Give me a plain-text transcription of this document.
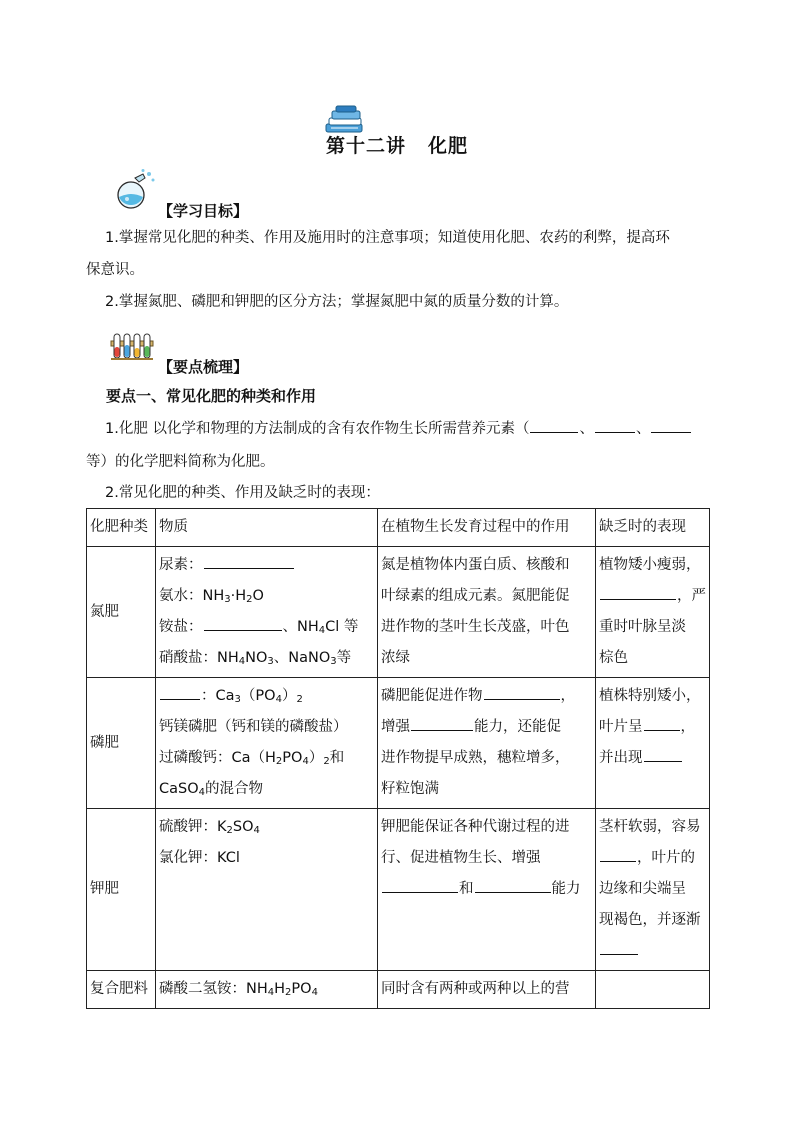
第十二讲 化肥
【学习目标】
1.掌握常见化肥的种类、作用及施用时的注意事项；知道使用化肥、农药的利弊，提高环
保意识。
2.掌握氮肥、磷肥和钾肥的区分方法；掌握氮肥中氮的质量分数的计算。
【要点梳理】
要点一、常见化肥的种类和作用
1.化肥 以化学和物理的方法制成的含有农作物生长所需营养元素（	、	、
等）的化学肥料简称为化肥。
2.常见化肥的种类、作用及缺乏时的表现：
化肥种类	物质	在植物生长发育过程中的作用	缺乏时的表现
氮肥	尿素：
氨水：$NH_3\cdot H_2O$
铵盐： 、$NH_4Cl$ 等
硝酸盐：$NH_4NO_3$、NaNO$_3$等	氮是植物体内蛋白质、核酸和
叶绿素的组成元素。氮肥能促
进作物的茎叶生长茂盛，叶色
浓绿	植物矮小瘦弱，
，严
重时叶脉呈淡
棕色

磷肥	：$Ca_3(PO_4)_2$
钙镁磷肥（钙和镁的磷酸盐）
过磷酸钙：$Ca(H_2PO_4)_2$和
CaSO$_4$的混合物	磷肥能促进作物 ，
增强 能力，还能促
进作物提早成熟，穗粒增多，
籽粒饱满	植株特别矮小，
叶片呈 ，
并出现

钾肥	硫酸钾：$K_2SO_4$
氯化钾：KCl	钾肥能保证各种代谢过程的进
行、促进植物生长、增强
和 能力	茎杆软弱，容易
，叶片的
边缘和尖端呈
现褐色，并逐渐

复合肥料	磷酸二氢铵：$NH_4H_2PO_4$	同时含有两种或两种以上的营	
